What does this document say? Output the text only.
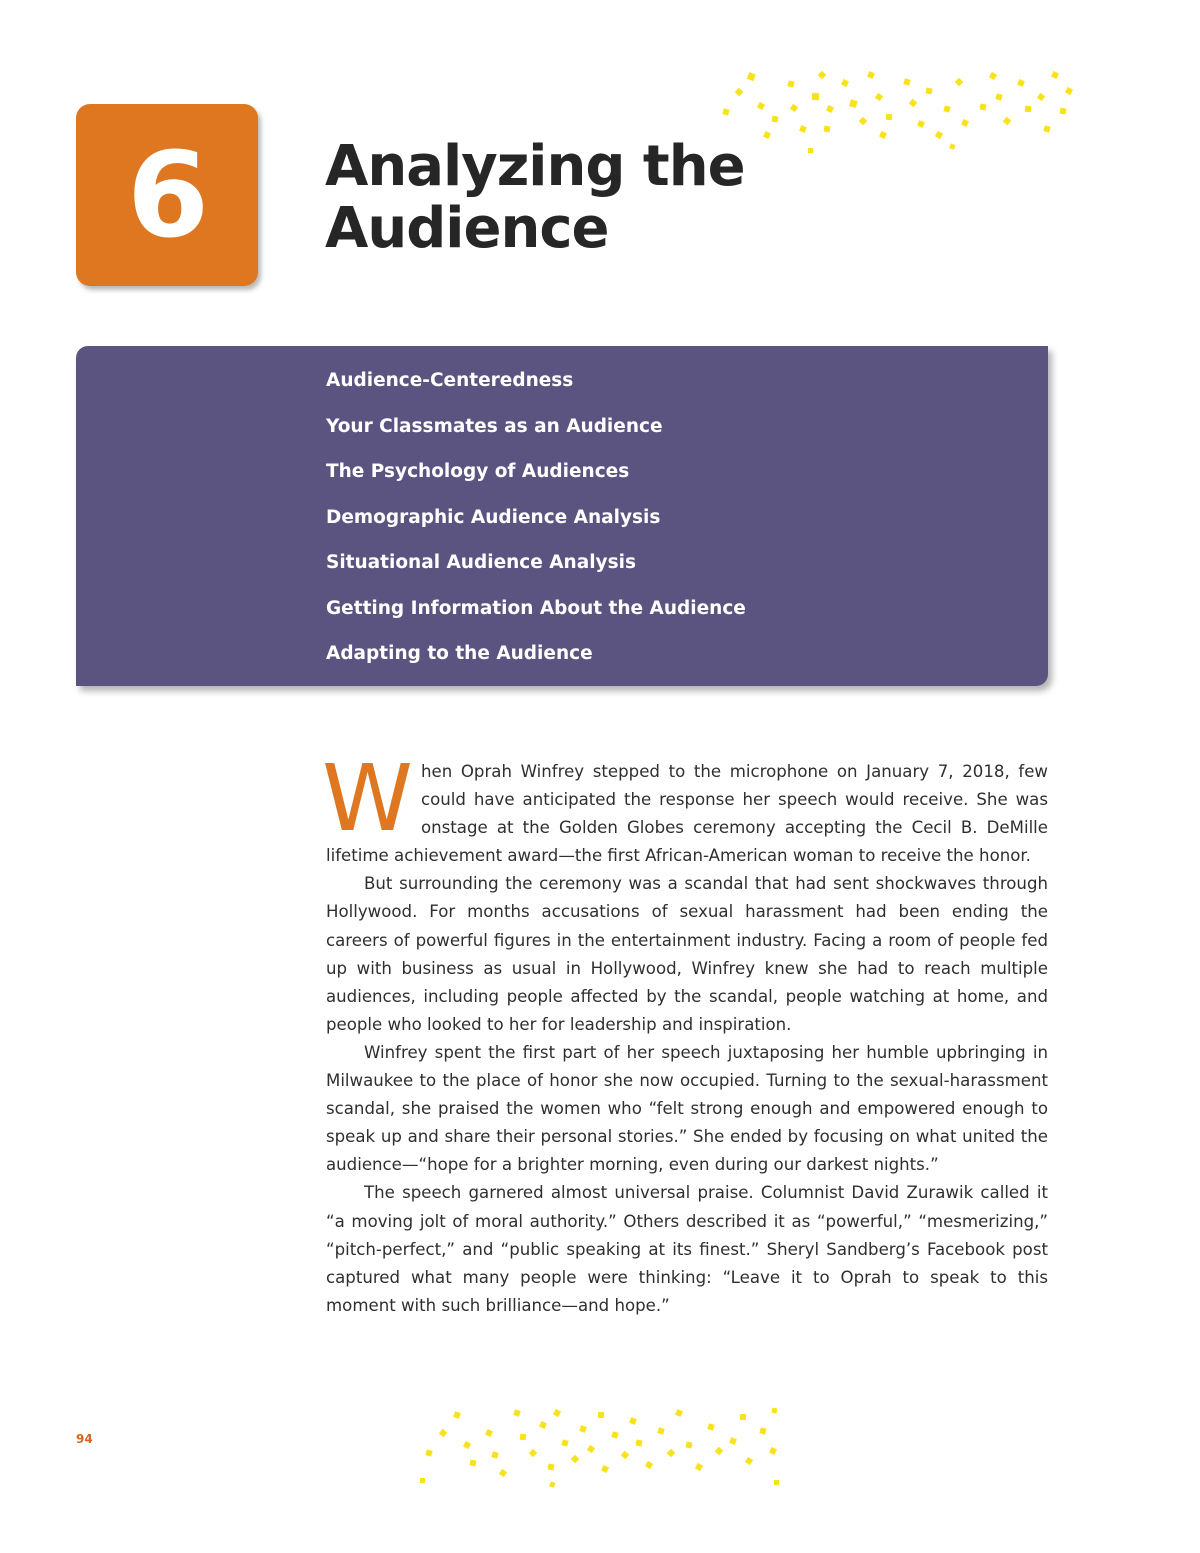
6	Analyzing the
Audience
Audience-Centeredness
Your Classmates as an Audience
The Psychology of Audiences
Demographic Audience Analysis
Situational Audience Analysis
Getting Information About the Audience
Adapting to the Audience

When Oprah Winfrey stepped to the microphone on January 7, 2018, few could have anticipated the response her speech would receive. She was onstage at the Golden Globes ceremony accepting the Cecil B. DeMille lifetime achievement award—the first African-American woman to receive the honor.

But surrounding the ceremony was a scandal that had sent shockwaves through Hollywood. For months accusations of sexual harassment had been ending the careers of powerful figures in the entertainment industry. Facing a room of people fed up with business as usual in Hollywood, Winfrey knew she had to reach multiple audiences, including people affected by the scandal, people watching at home, and people who looked to her for leadership and inspiration.

Winfrey spent the first part of her speech juxtaposing her humble upbringing in Milwaukee to the place of honor she now occupied. Turning to the sexual-harassment scandal, she praised the women who “felt strong enough and empowered enough to speak up and share their personal stories.” She ended by focusing on what united the audience—“hope for a brighter morning, even during our darkest nights.”

The speech garnered almost universal praise. Columnist David Zurawik called it “a moving jolt of moral authority.” Others described it as “powerful,” “mesmerizing,” “pitch-perfect,” and “public speaking at its finest.” Sheryl Sandberg’s Facebook post captured what many people were thinking: “Leave it to Oprah to speak to this moment with such brilliance—and hope.”

94
